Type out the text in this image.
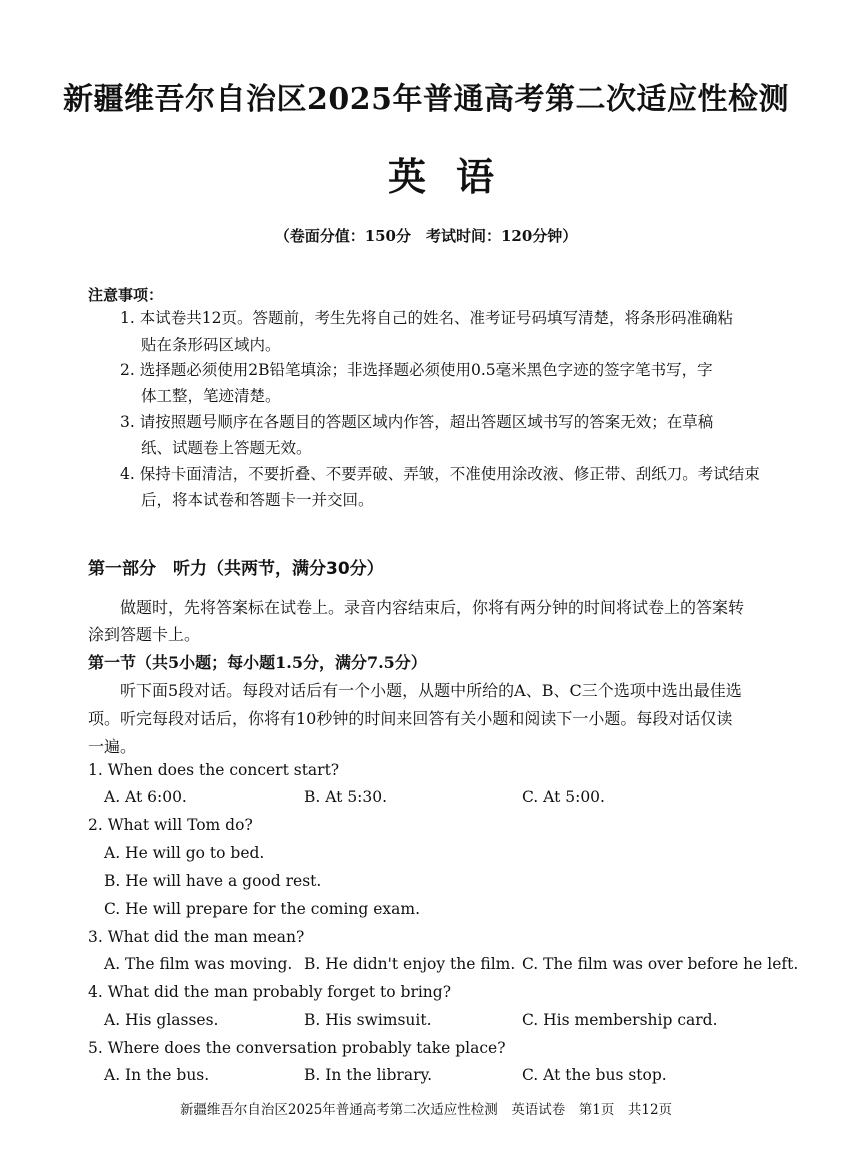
新疆维吾尔自治区2025年普通高考第二次适应性检测
英语
（卷面分值：150分　考试时间：120分钟）
注意事项：
1. 本试卷共12页。答题前，考生先将自己的姓名、准考证号码填写清楚，将条形码准确粘
贴在条形码区域内。
2. 选择题必须使用2B铅笔填涂；非选择题必须使用0.5毫米黑色字迹的签字笔书写，字
体工整，笔迹清楚。
3. 请按照题号顺序在各题目的答题区域内作答，超出答题区域书写的答案无效；在草稿
纸、试题卷上答题无效。
4. 保持卡面清洁，不要折叠、不要弄破、弄皱，不准使用涂改液、修正带、刮纸刀。考试结束
后，将本试卷和答题卡一并交回。
第一部分　听力（共两节，满分30分）
做题时，先将答案标在试卷上。录音内容结束后，你将有两分钟的时间将试卷上的答案转
涂到答题卡上。
第一节（共5小题；每小题1.5分，满分7.5分）
听下面5段对话。每段对话后有一个小题，从题中所给的A、B、C三个选项中选出最佳选
项。听完每段对话后，你将有10秒钟的时间来回答有关小题和阅读下一小题。每段对话仅读
一遍。
1. When does the concert start?
A. At 6:00.	B. At 5:30.	C. At 5:00.
2. What will Tom do?
A. He will go to bed.
B. He will have a good rest.
C. He will prepare for the coming exam.
3. What did the man mean?
A. The film was moving. B. He didn't enjoy the film. C. The film was over before he left.
4. What did the man probably forget to bring?
A. His glasses.	B. His swimsuit.	C. His membership card.
5. Where does the conversation probably take place?
A. In the bus.	B. In the library.	C. At the bus stop.
新疆维吾尔自治区2025年普通高考第二次适应性检测　英语试卷　第1页　共12页
